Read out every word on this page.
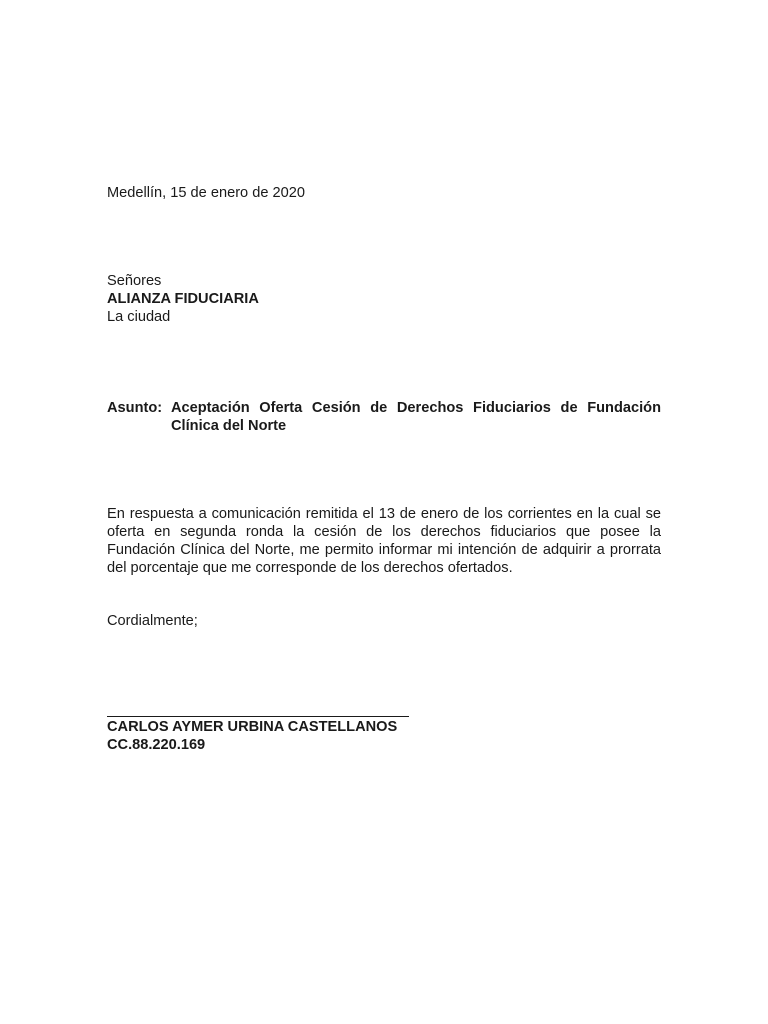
Medellín, 15 de enero de 2020
Señores
ALIANZA FIDUCIARIA
La ciudad
Asunto: Aceptación Oferta Cesión de Derechos Fiduciarios de Fundación Clínica del Norte
En respuesta a comunicación remitida el 13 de enero de los corrientes en la cual se oferta en segunda ronda la cesión de los derechos fiduciarios que posee la Fundación Clínica del Norte, me permito informar mi intención de adquirir a prorrata del porcentaje que me corresponde de los derechos ofertados.
Cordialmente;
CARLOS AYMER URBINA CASTELLANOS
CC.88.220.169
